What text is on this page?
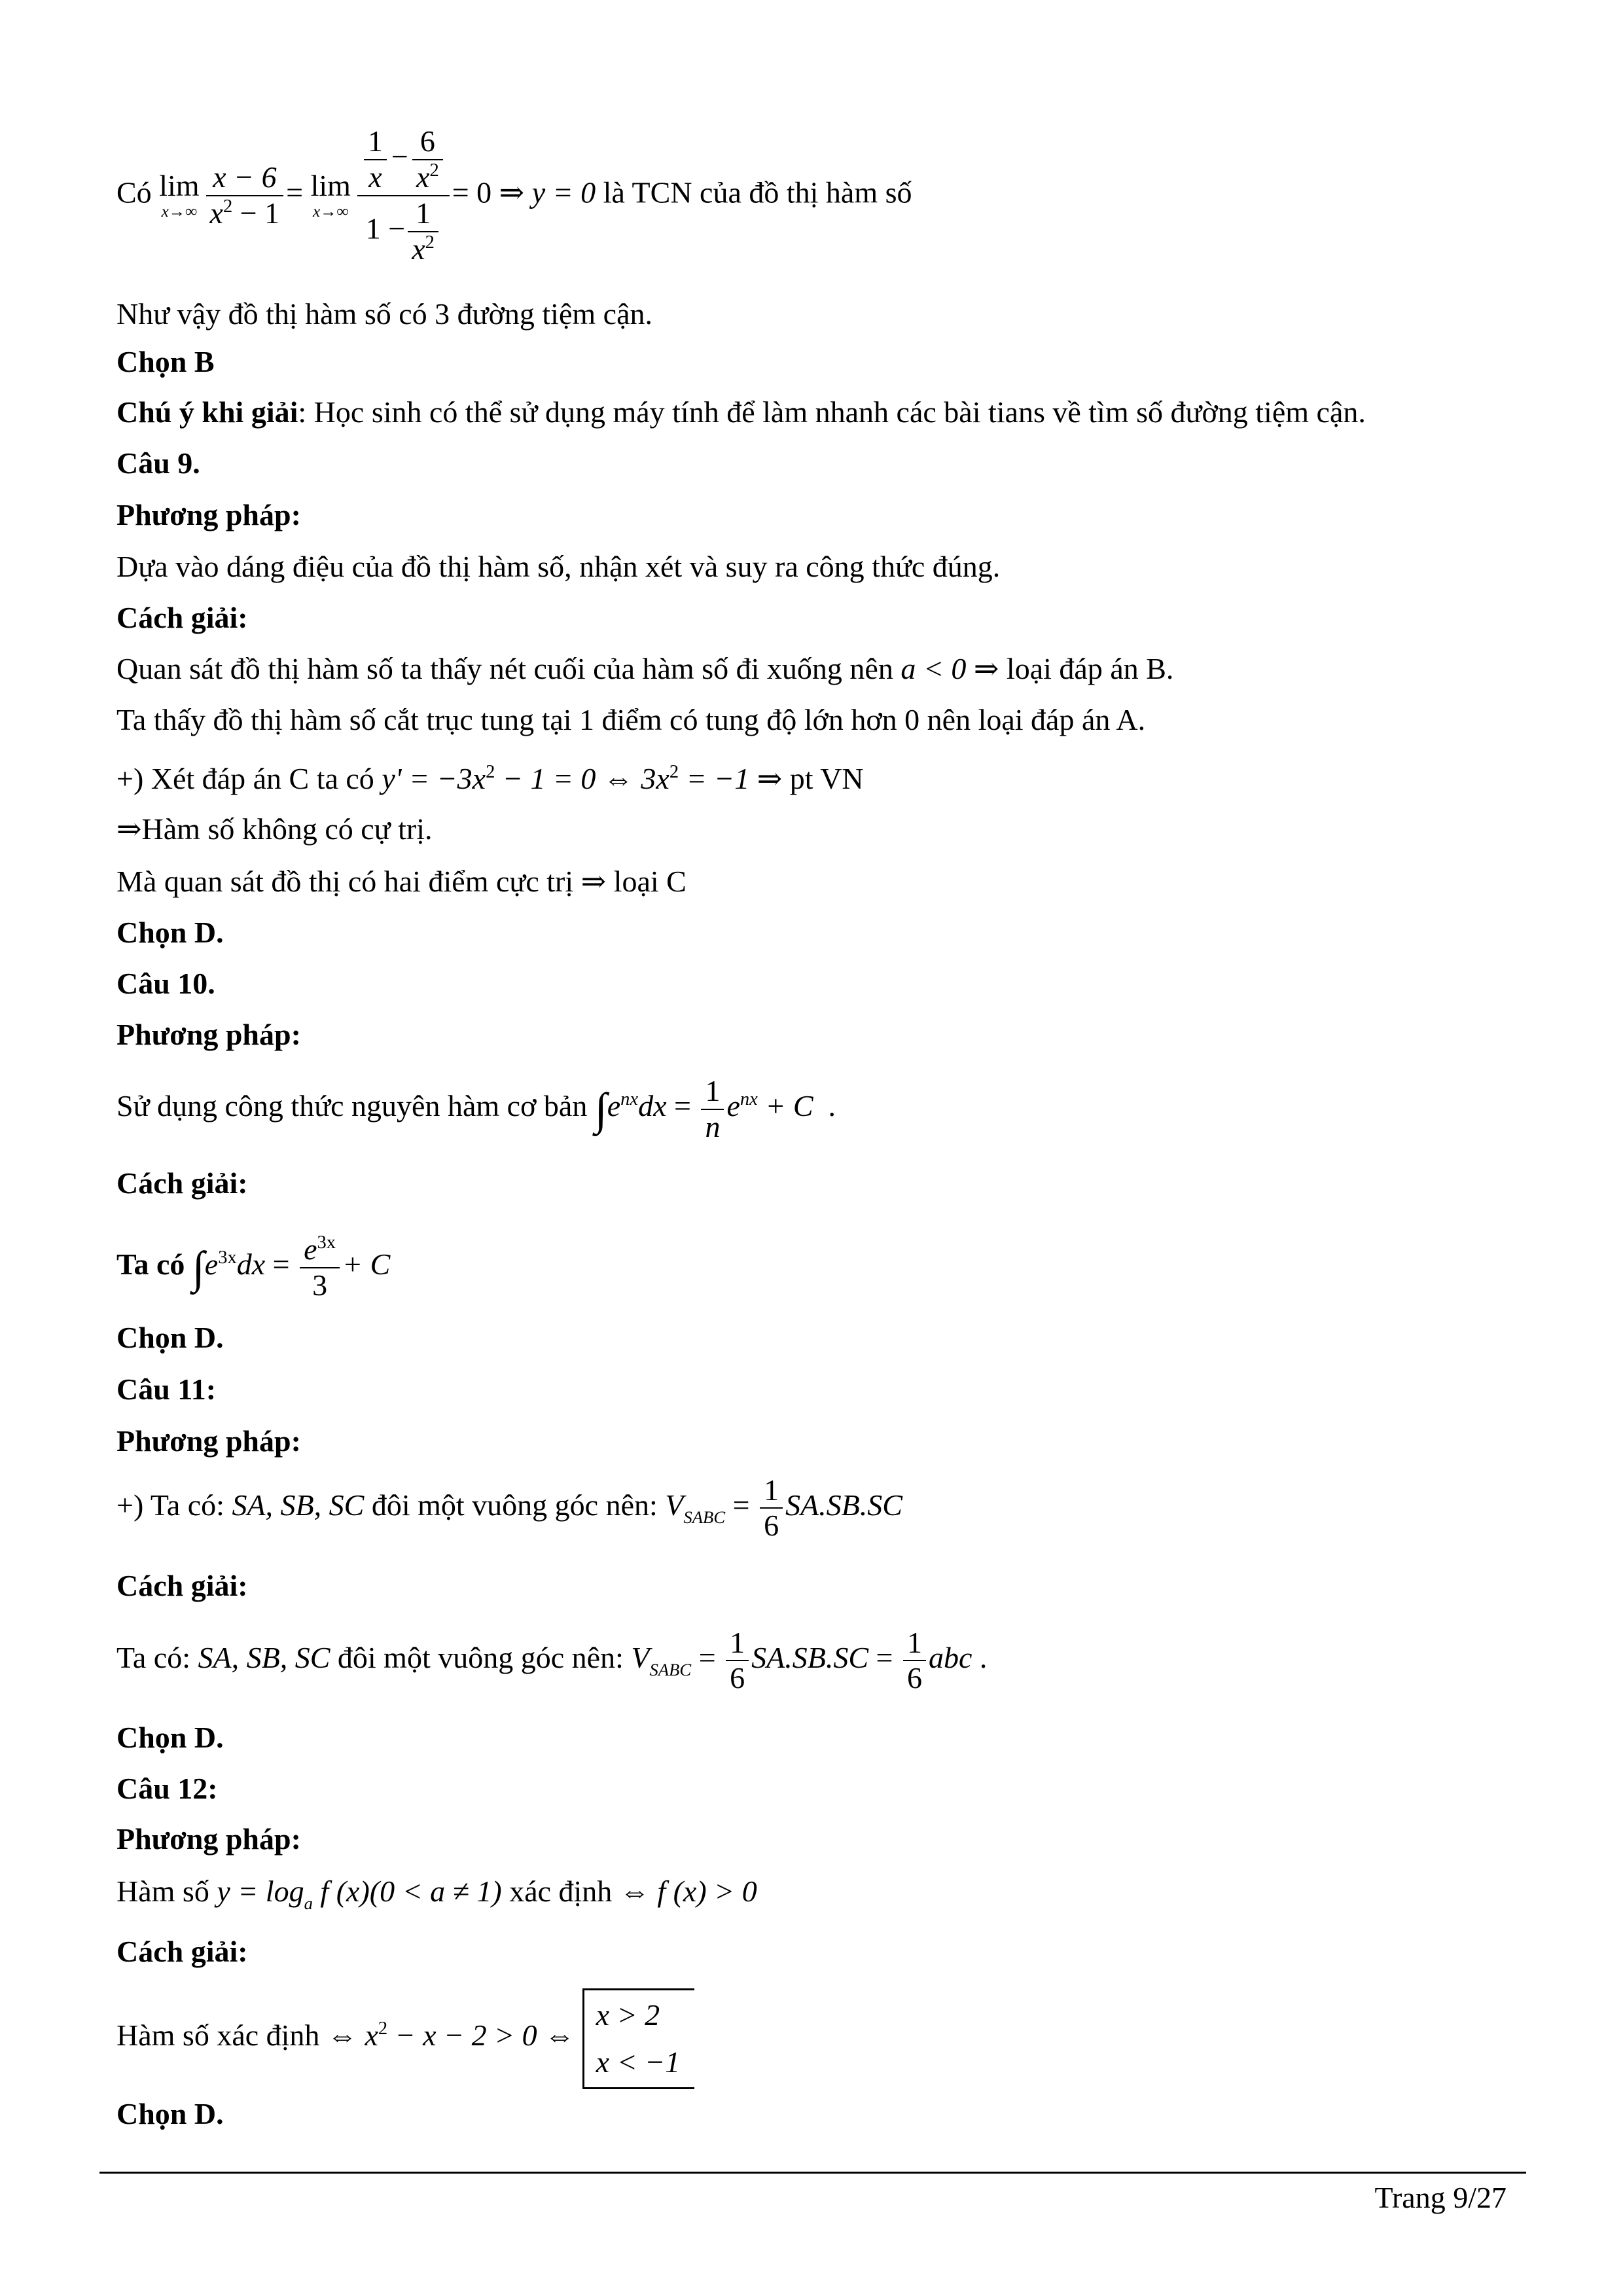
Có lim
$x\to\infty \frac{x - 6}{x^2 - 1} = \lim$
$x\to\infty \frac{\frac{1}{x} - \frac{6}{x^2}}{1 - \frac{1}{x^2}} = 0$ ⇒ y = 0 là TCN của đồ thị hàm số
Như vậy đồ thị hàm số có 3 đường tiệm cận.
Chọn B
Chú ý khi giải: Học sinh có thể sử dụng máy tính để làm nhanh các bài tians về tìm số đường tiệm cận.
Câu 9.
Phương pháp:
Dựa vào dáng điệu của đồ thị hàm số, nhận xét và suy ra công thức đúng.
Cách giải:
Quan sát đồ thị hàm số ta thấy nét cuối của hàm số đi xuống nên a < 0 ⇒ loại đáp án B.
Ta thấy đồ thị hàm số cắt trục tung tại 1 điểm có tung độ lớn hơn 0 nên loại đáp án A.
+) Xét đáp án C ta có $y' = -3x^2 - 1 = 0$ ⇔ $3x^2 = -1$ ⇒ pt VN
⇒Hàm số không có cự trị.
Mà quan sát đồ thị có hai điểm cực trị ⇒ loại C
Chọn D.
Câu 10.
Phương pháp:
Sử dụng công thức nguyên hàm cơ bản $\int e^{nx}dx = \frac{1}{n} e^{nx} + C$ .
Cách giải:
Ta có $\int e^{3x}dx = \frac{e^{3x}}{3} + C$
Chọn D.
Câu 11:
Phương pháp:
+) Ta có: SA, SB, SC đôi một vuông góc nên: $V_{SABC} = \frac{1}{6} SA.SB.SC$
Cách giải:
Ta có: SA, SB, SC đôi một vuông góc nên: $V_{SABC} = \frac{1}{6} SA.SB.SC = \frac{1}{6}$ abc .
Chọn D.
Câu 12:
Phương pháp:
Hàm số $y = \log_a f$ (x)(0 < a ≠ 1) xác định ⇔ f (x) > 0
Cách giải:
Hàm số xác định ⇔ $x^2 - x - 2 > 0$ ⇔
x > 2
x < −1
Chọn D.
Trang 9/27
